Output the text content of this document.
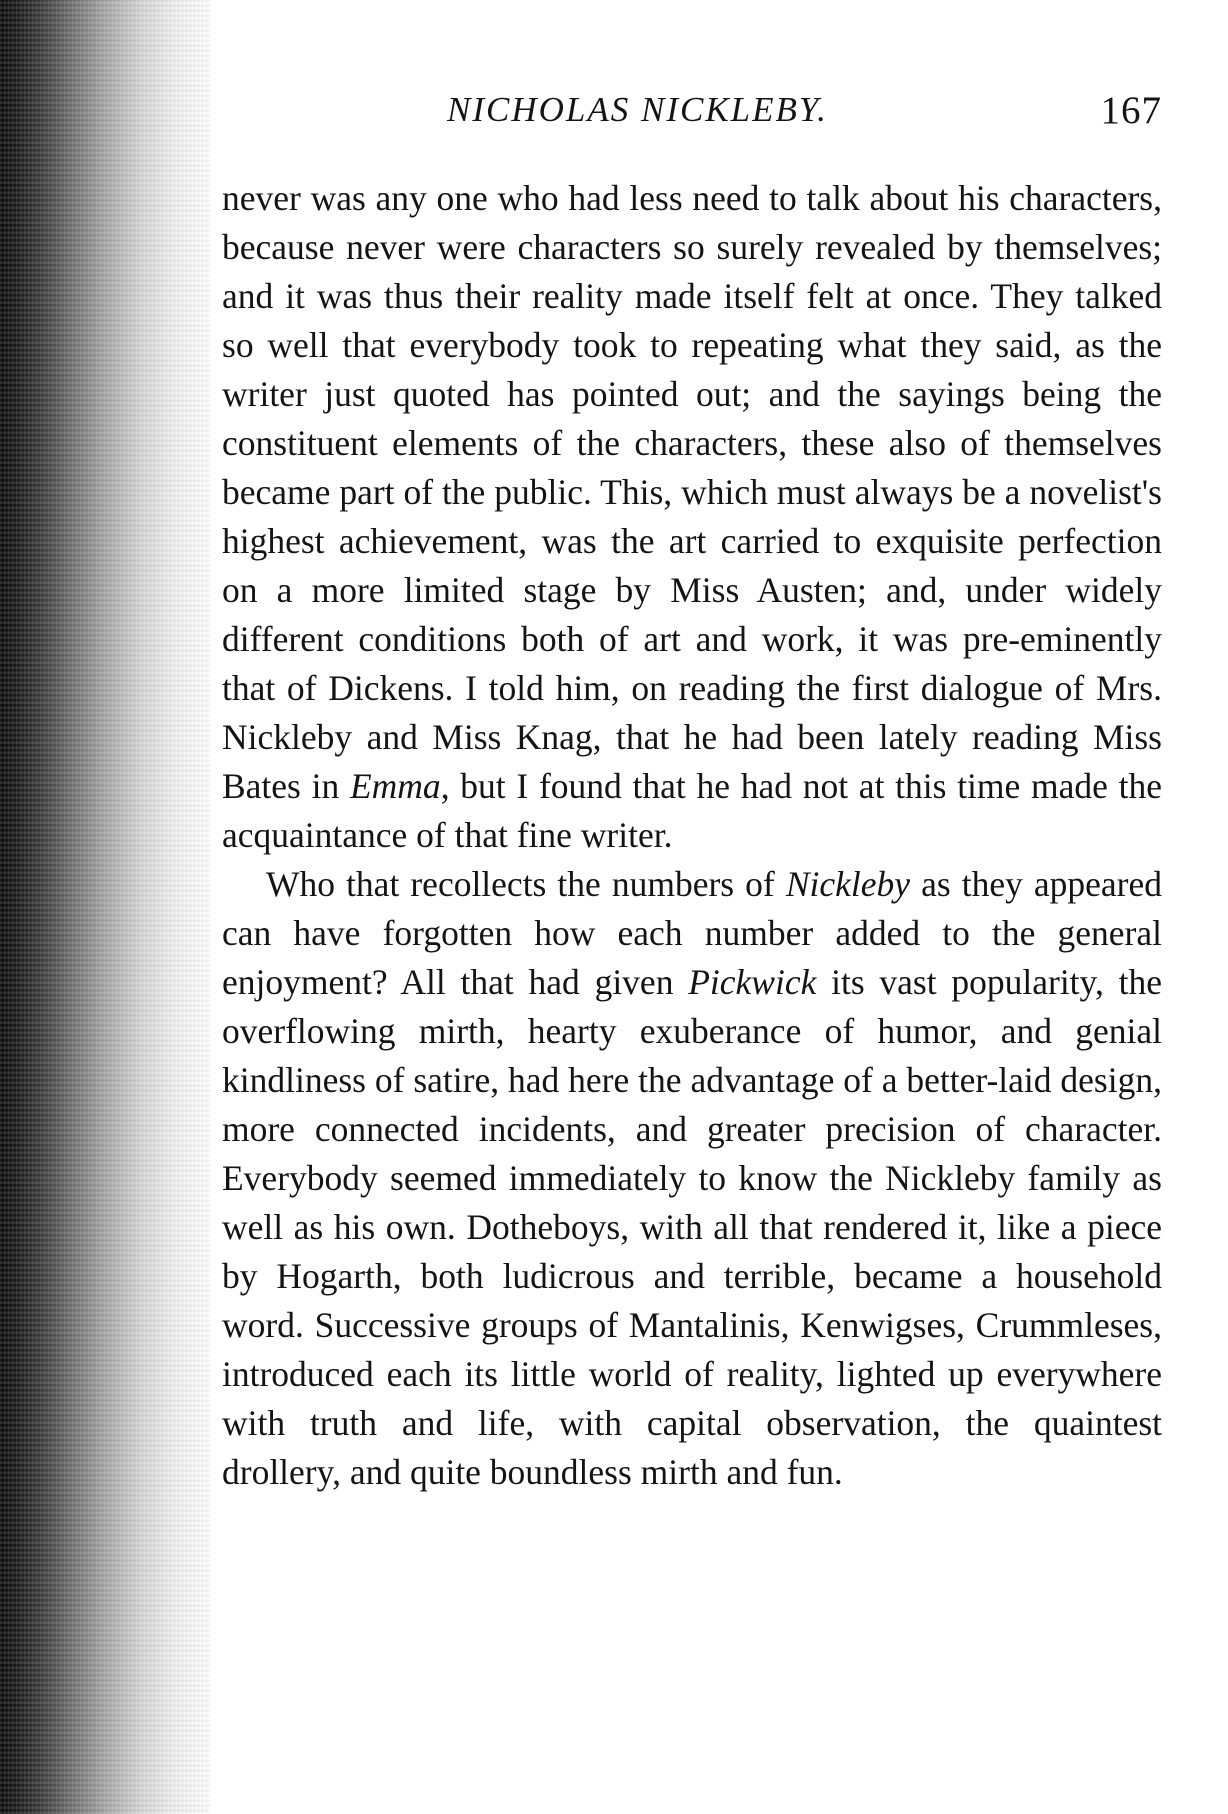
NICHOLAS NICKLEBY.	167

never was any one who had less need to talk about his characters, because never were characters so surely revealed by themselves; and it was thus their reality made itself felt at once. They talked so well that everybody took to repeating what they said, as the writer just quoted has pointed out; and the sayings being the constituent elements of the characters, these also of themselves became part of the public. This, which must always be a novelist's highest achievement, was the art carried to exquisite perfection on a more limited stage by Miss Austen; and, under widely different conditions both of art and work, it was pre-eminently that of Dickens. I told him, on reading the first dialogue of Mrs. Nickleby and Miss Knag, that he had been lately reading Miss Bates in Emma, but I found that he had not at this time made the acquaintance of that fine writer.

Who that recollects the numbers of Nickleby as they appeared can have forgotten how each number added to the general enjoyment? All that had given Pickwick its vast popularity, the overflowing mirth, hearty exuberance of humor, and genial kindliness of satire, had here the advantage of a better-laid design, more connected incidents, and greater precision of character. Everybody seemed immediately to know the Nickleby family as well as his own. Dotheboys, with all that rendered it, like a piece by Hogarth, both ludicrous and terrible, became a household word. Successive groups of Mantalinis, Kenwigses, Crummleses, introduced each its little world of reality, lighted up everywhere with truth and life, with capital observation, the quaintest drollery, and quite boundless mirth and fun.
